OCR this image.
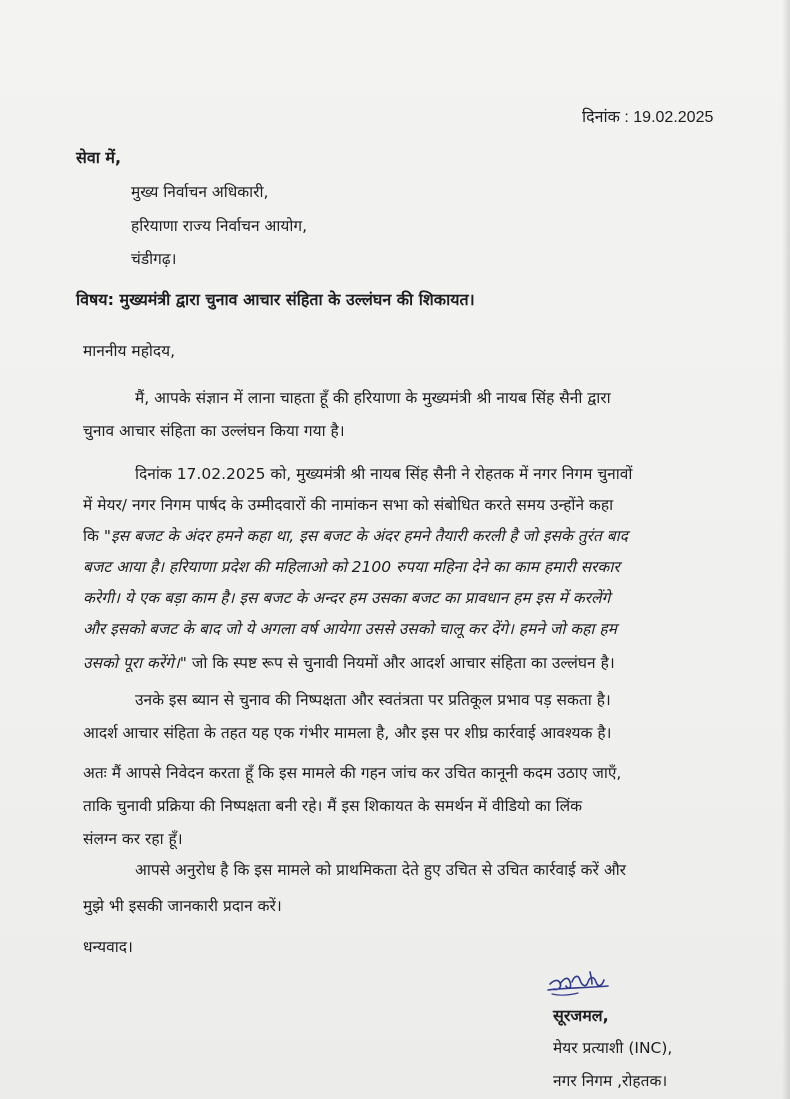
दिनांक : 19.02.2025
सेवा में,
मुख्य निर्वाचन अधिकारी,
हरियाणा राज्य निर्वाचन आयोग,
चंडीगढ़।
विषय: मुख्यमंत्री द्वारा चुनाव आचार संहिता के उल्लंघन की शिकायत।
माननीय महोदय,
मैं, आपके संज्ञान में लाना चाहता हूँ की हरियाणा के मुख्यमंत्री श्री नायब सिंह सैनी द्वारा
चुनाव आचार संहिता का उल्लंघन किया गया है।
दिनांक 17.02.2025 को, मुख्यमंत्री श्री नायब सिंह सैनी ने रोहतक में नगर निगम चुनावों
में मेयर/ नगर निगम पार्षद के उम्मीदवारों की नामांकन सभा को संबोधित करते समय उन्होंने कहा
कि "इस बजट के अंदर हमने कहा था, इस बजट के अंदर हमने तैयारी करली है जो इसके तुरंत बाद
बजट आया है। हरियाणा प्रदेश की महिलाओ को 2100 रुपया महिना देने का काम हमारी सरकार
करेगी। ये एक बड़ा काम है। इस बजट के अन्दर हम उसका बजट का प्रावधान हम इस में करलेंगे
और इसको बजट के बाद जो ये अगला वर्ष आयेगा उससे उसको चालू कर देंगे। हमने जो कहा हम
उसको पूरा करेंगे।" जो कि स्पष्ट रूप से चुनावी नियमों और आदर्श आचार संहिता का उल्लंघन है।
उनके इस ब्यान से चुनाव की निष्पक्षता और स्वतंत्रता पर प्रतिकूल प्रभाव पड़ सकता है।
आदर्श आचार संहिता के तहत यह एक गंभीर मामला है, और इस पर शीघ्र कार्रवाई आवश्यक है।
अतः मैं आपसे निवेदन करता हूँ कि इस मामले की गहन जांच कर उचित कानूनी कदम उठाए जाएँ,
ताकि चुनावी प्रक्रिया की निष्पक्षता बनी रहे। मैं इस शिकायत के समर्थन में वीडियो का लिंक
संलग्न कर रहा हूँ।
आपसे अनुरोध है कि इस मामले को प्राथमिकता देते हुए उचित से उचित कार्रवाई करें और
मुझे भी इसकी जानकारी प्रदान करें।
धन्यवाद।
सूरजमल,
मेयर प्रत्याशी (INC),
नगर निगम ,रोहतक।
